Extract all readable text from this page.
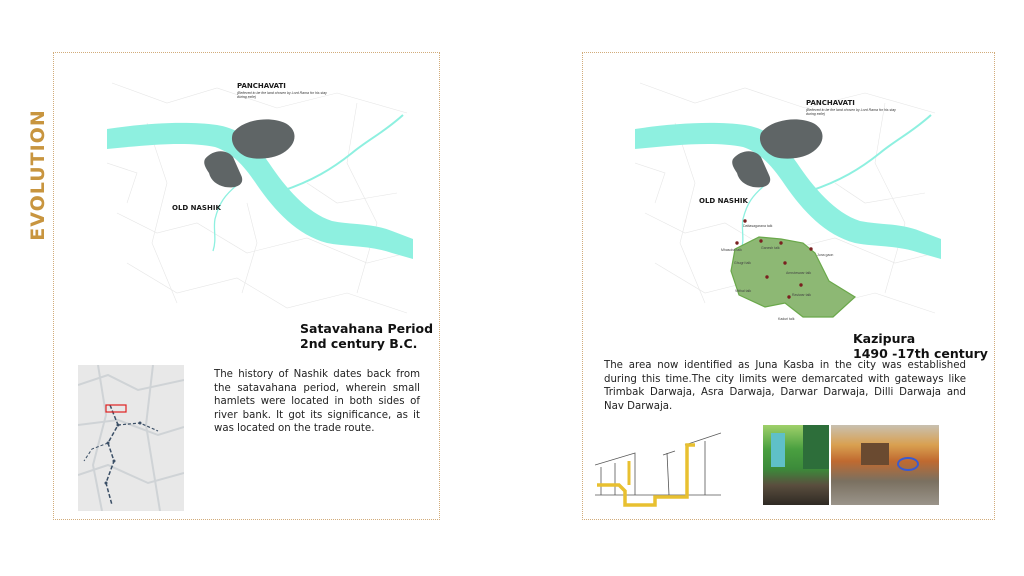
EVOLUTION
PANCHAVATI
(Believed to be the land chosen by Lord Rama for his stay during exile)
OLD NASHIK
Satavahana Period
2nd century B.C.
The history of Nashik dates back from the satavahana period, wherein small hamlets were located in both sides of river bank. It got its significance, as it was located on the trade route.
PANCHAVATI
(Believed to be the land chosen by Lord Rama for his stay during exile)
OLD NASHIK
Dattasagarana talk
Mhasoba talk	Ganesh talk
Ghugri talk
Amruteswar talk
Juna gaon
Vitthal talk
Raviwar talk
Kaduri talk
Kazipura
1490 -17th century
The area now identified as Juna Kasba in the city was established during this time.The city limits were demarcated with gateways like Trimbak Darwaja, Asra Darwaja, Darwar Darwaja, Dilli Darwaja and Nav Darwaja.
